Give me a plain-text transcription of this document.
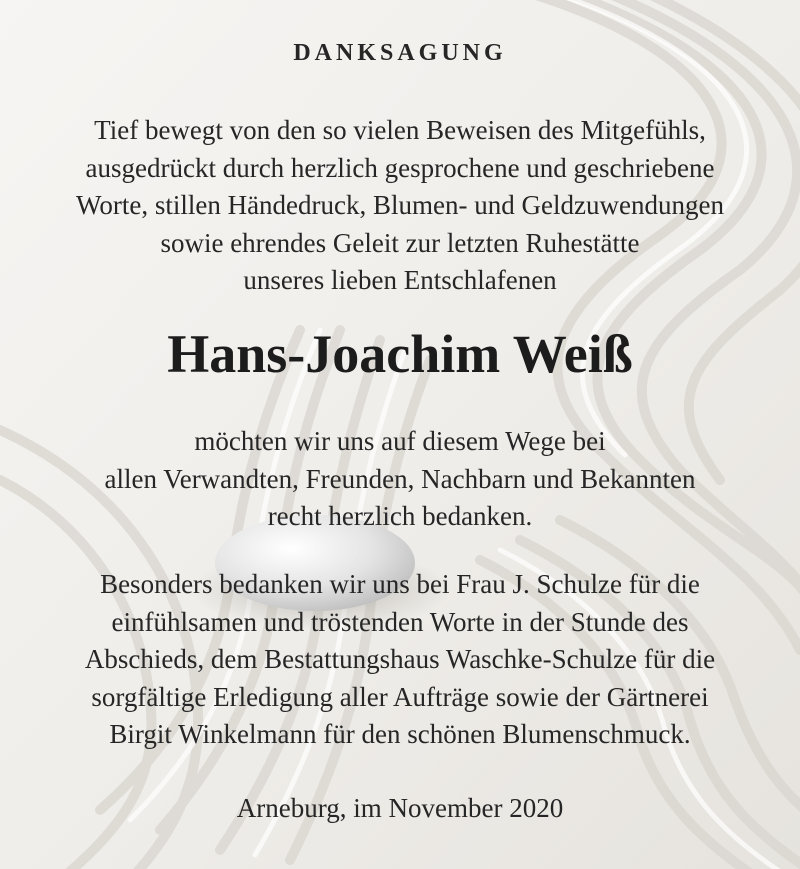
DANKSAGUNG
Tief bewegt von den so vielen Beweisen des Mitgefühls,
ausgedrückt durch herzlich gesprochene und geschriebene
Worte, stillen Händedruck, Blumen- und Geldzuwendungen
sowie ehrendes Geleit zur letzten Ruhestätte
unseres lieben Entschlafenen
Hans-Joachim Weiß
möchten wir uns auf diesem Wege bei
allen Verwandten, Freunden, Nachbarn und Bekannten
recht herzlich bedanken.
Besonders bedanken wir uns bei Frau J. Schulze für die
einfühlsamen und tröstenden Worte in der Stunde des
Abschieds, dem Bestattungshaus Waschke-Schulze für die
sorgfältige Erledigung aller Aufträge sowie der Gärtnerei
Birgit Winkelmann für den schönen Blumenschmuck.
Arneburg, im November 2020
